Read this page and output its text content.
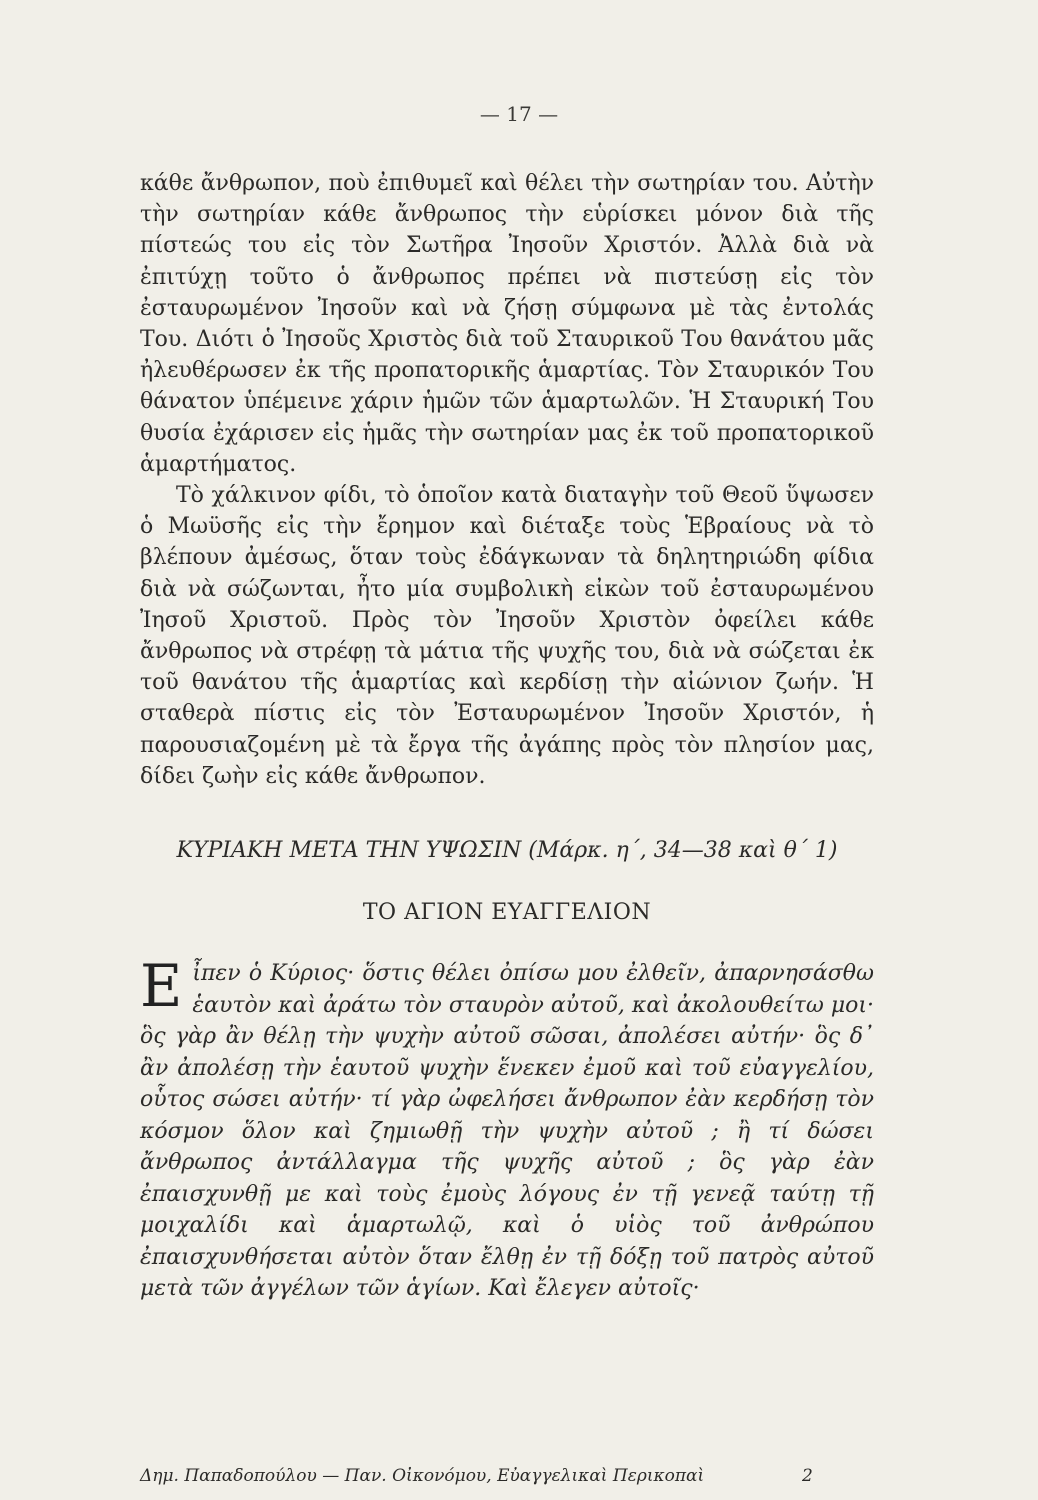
— 17 —

κάθε ἄνθρωπον, ποὺ ἐπιθυμεῖ καὶ θέλει τὴν σωτηρίαν του. Αὐτὴν τὴν σωτηρίαν κάθε ἄνθρωπος τὴν εὑρίσκει μόνον διὰ τῆς πίστεώς του εἰς τὸν Σωτῆρα Ἰησοῦν Χριστόν. Ἀλλὰ διὰ νὰ ἐπιτύχῃ τοῦτο ὁ ἄνθρωπος πρέπει νὰ πιστεύσῃ εἰς τὸν ἐσταυρωμένον Ἰησοῦν καὶ νὰ ζήσῃ σύμφωνα μὲ τὰς ἐντολάς Του. Διότι ὁ Ἰησοῦς Χριστὸς διὰ τοῦ Σταυρικοῦ Του θανάτου μᾶς ἠλευθέρωσεν ἐκ τῆς προπατορικῆς ἁμαρτίας. Τὸν Σταυρικόν Του θάνατον ὑπέμεινε χάριν ἡμῶν τῶν ἁμαρτωλῶν. Ἡ Σταυρική Του θυσία ἐχάρισεν εἰς ἡμᾶς τὴν σωτηρίαν μας ἐκ τοῦ προπατορικοῦ ἁμαρτήματος.

Τὸ χάλκινον φίδι, τὸ ὁποῖον κατὰ διαταγὴν τοῦ Θεοῦ ὕψωσεν ὁ Μωϋσῆς εἰς τὴν ἔρημον καὶ διέταξε τοὺς Ἑβραίους νὰ τὸ βλέπουν ἀμέσως, ὅταν τοὺς ἐδάγκωναν τὰ δηλητηριώδη φίδια διὰ νὰ σώζωνται, ἦτο μία συμβολικὴ εἰκὼν τοῦ ἐσταυρωμένου Ἰησοῦ Χριστοῦ. Πρὸς τὸν Ἰησοῦν Χριστὸν ὀφείλει κάθε ἄνθρωπος νὰ στρέφῃ τὰ μάτια τῆς ψυχῆς του, διὰ νὰ σώζεται ἐκ τοῦ θανάτου τῆς ἁμαρτίας καὶ κερδίσῃ τὴν αἰώνιον ζωήν. Ἡ σταθερὰ πίστις εἰς τὸν Ἐσταυρωμένον Ἰησοῦν Χριστόν, ἡ παρουσιαζομένη μὲ τὰ ἔργα τῆς ἀγάπης πρὸς τὸν πλησίον μας, δίδει ζωὴν εἰς κάθε ἄνθρωπον.

ΚΥΡΙΑΚΗ ΜΕΤΑ ΤΗΝ ΥΨΩΣΙΝ (Μάρκ. η΄, 34—38 καὶ θ΄ 1)
ΤΟ ΑΓΙΟΝ ΕΥΑΓΓΕΛΙΟΝ
Εἶπεν ὁ Κύριος· ὅστις θέλει ὀπίσω μου ἐλθεῖν, ἀπαρνησάσθω ἑαυτὸν καὶ ἀράτω τὸν σταυρὸν αὐτοῦ, καὶ ἀκολουθείτω μοι· ὃς γὰρ ἂν θέλῃ τὴν ψυχὴν αὐτοῦ σῶσαι, ἀπολέσει αὐτήν· ὃς δ᾽ ἂν ἀπολέσῃ τὴν ἑαυτοῦ ψυχὴν ἕνεκεν ἐμοῦ καὶ τοῦ εὐαγγελίου, οὗτος σώσει αὐτήν· τί γὰρ ὠφελήσει ἄνθρωπον ἐὰν κερδήσῃ τὸν κόσμον ὅλον καὶ ζημιωθῇ τὴν ψυχὴν αὐτοῦ ; ἢ τί δώσει ἄνθρωπος ἀντάλλαγμα τῆς ψυχῆς αὐτοῦ ; ὃς γὰρ ἐὰν ἐπαισχυνθῇ με καὶ τοὺς ἐμοὺς λόγους ἐν τῇ γενεᾷ ταύτῃ τῇ μοιχαλίδι καὶ ἁμαρτωλῷ, καὶ ὁ υἱὸς τοῦ ἀνθρώπου ἐπαισχυνθήσεται αὐτὸν ὅταν ἔλθῃ ἐν τῇ δόξῃ τοῦ πατρὸς αὐτοῦ μετὰ τῶν ἀγγέλων τῶν ἁγίων. Καὶ ἔλεγεν αὐτοῖς·
Δημ. Παπαδοπούλου — Παν. Οἰκονόμου, Εὐαγγελικαὶ Περικοπαὶ	2
